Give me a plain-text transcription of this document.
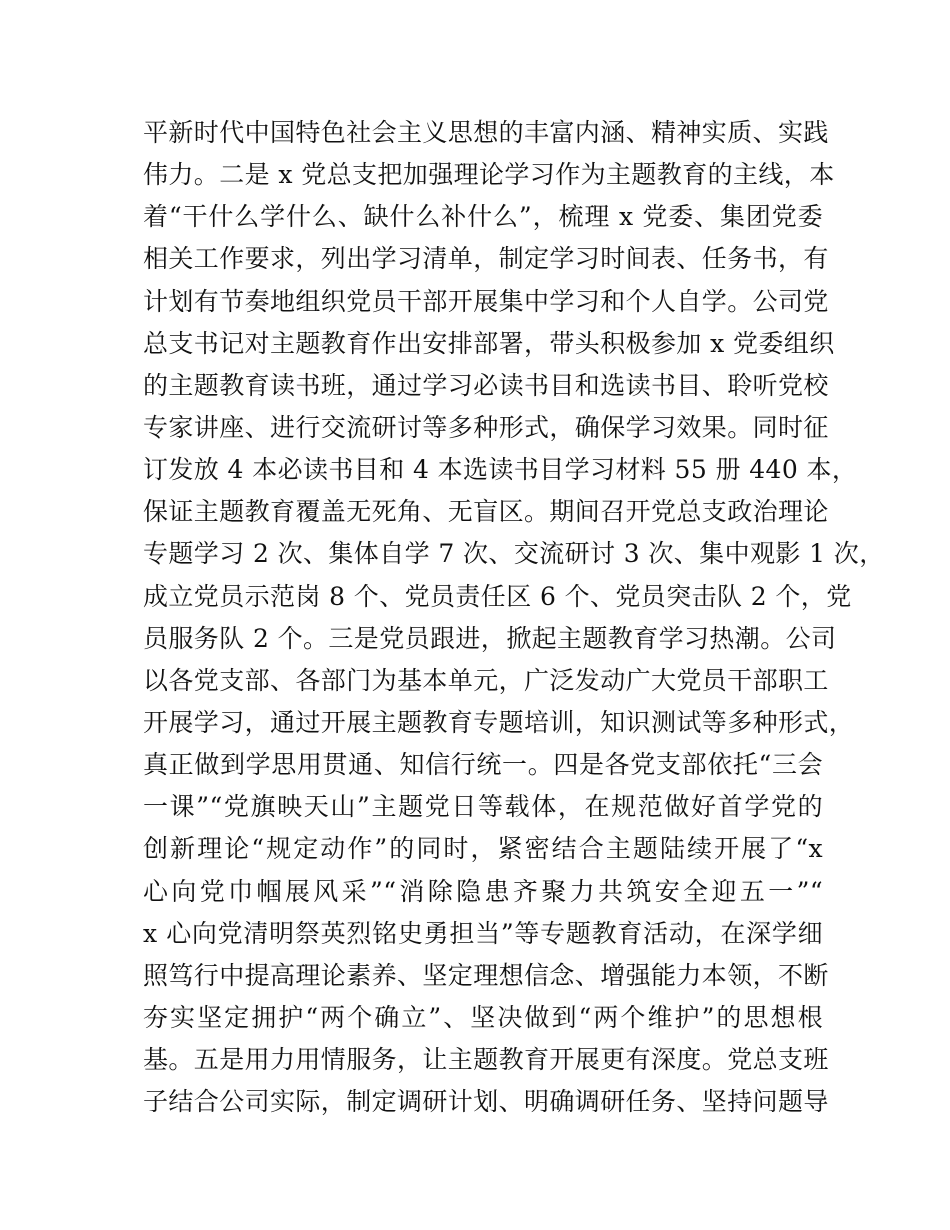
平新时代中国特色社会主义思想的丰富内涵、精神实质、实践
伟力。二是 x 党总支把加强理论学习作为主题教育的主线，本
着“干什么学什么、缺什么补什么”，梳理 x 党委、集团党委
相关工作要求，列出学习清单，制定学习时间表、任务书，有
计划有节奏地组织党员干部开展集中学习和个人自学。公司党
总支书记对主题教育作出安排部署，带头积极参加 x 党委组织
的主题教育读书班，通过学习必读书目和选读书目、聆听党校
专家讲座、进行交流研讨等多种形式，确保学习效果。同时征
订发放 4 本必读书目和 4 本选读书目学习材料 55 册 440 本，
保证主题教育覆盖无死角、无盲区。期间召开党总支政治理论
专题学习 2 次、集体自学 7 次、交流研讨 3 次、集中观影 1 次，
成立党员示范岗 8 个、党员责任区 6 个、党员突击队 2 个，党
员服务队 2 个。三是党员跟进，掀起主题教育学习热潮。公司
以各党支部、各部门为基本单元，广泛发动广大党员干部职工
开展学习，通过开展主题教育专题培训，知识测试等多种形式，
真正做到学思用贯通、知信行统一。四是各党支部依托“三会
一课”“党旗映天山”主题党日等载体，在规范做好首学党的
创新理论“规定动作”的同时，紧密结合主题陆续开展了“x
心向党巾帼展风采”“消除隐患齐聚力共筑安全迎五一”“
x 心向党清明祭英烈铭史勇担当”等专题教育活动，在深学细
照笃行中提高理论素养、坚定理想信念、增强能力本领，不断
夯实坚定拥护“两个确立”、坚决做到“两个维护”的思想根
基。五是用力用情服务，让主题教育开展更有深度。党总支班
子结合公司实际，制定调研计划、明确调研任务、坚持问题导
